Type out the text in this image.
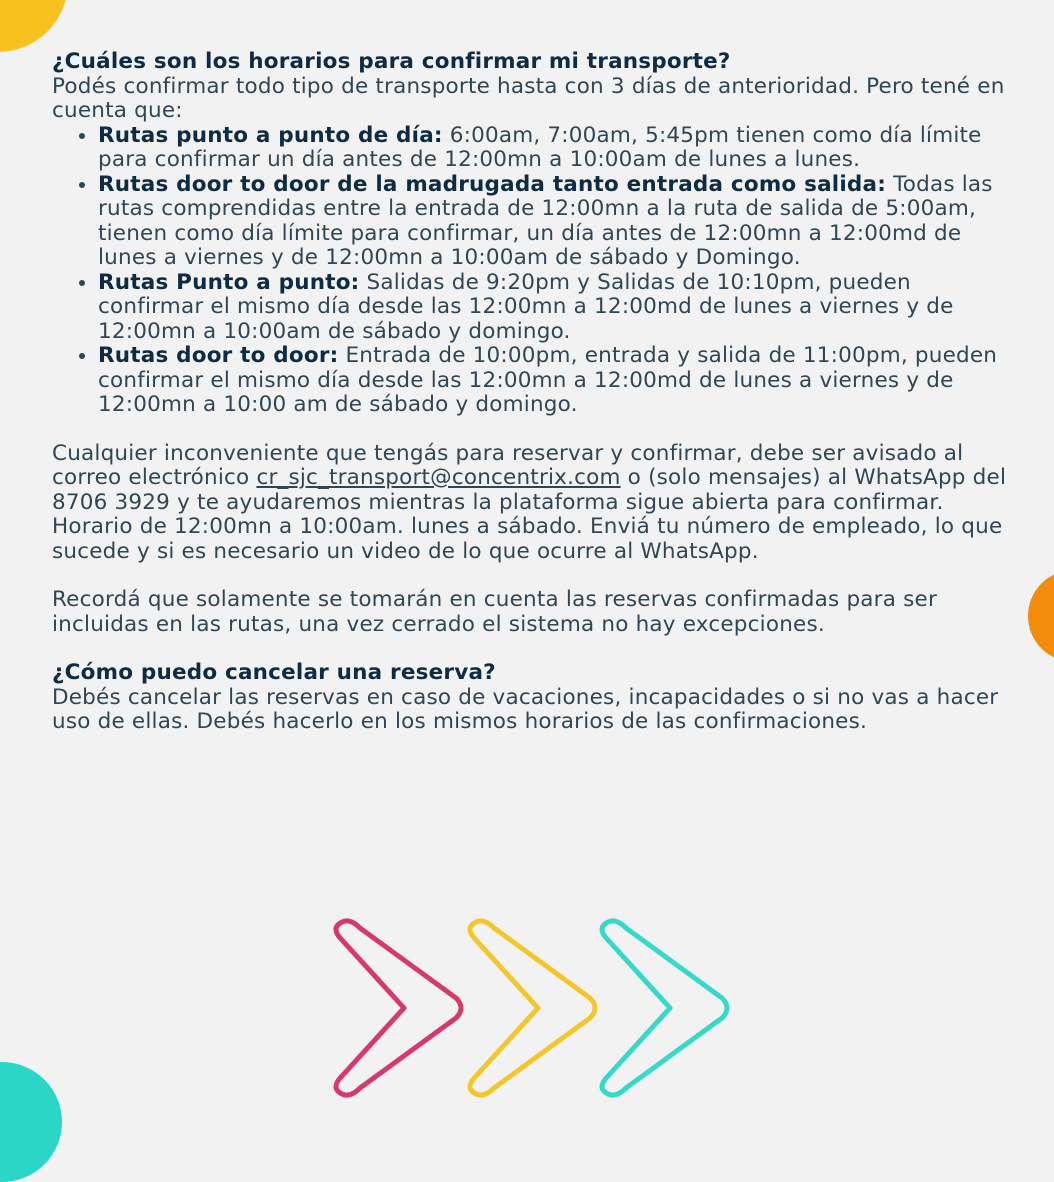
¿Cuáles son los horarios para confirmar mi transporte?

Podés confirmar todo tipo de transporte hasta con 3 días de anterioridad. Pero tené en cuenta que:

• Rutas punto a punto de día: 6:00am, 7:00am, 5:45pm tienen como día límite para confirmar un día antes de 12:00mn a 10:00am de lunes a lunes.
• Rutas door to door de la madrugada tanto entrada como salida: Todas las rutas comprendidas entre la entrada de 12:00mn a la ruta de salida de 5:00am, tienen como día límite para confirmar, un día antes de 12:00mn a 12:00md de lunes a viernes y de 12:00mn a 10:00am de sábado y Domingo.
• Rutas Punto a punto: Salidas de 9:20pm y Salidas de 10:10pm, pueden confirmar el mismo día desde las 12:00mn a 12:00md de lunes a viernes y de 12:00mn a 10:00am de sábado y domingo.
• Rutas door to door: Entrada de 10:00pm, entrada y salida de 11:00pm, pueden confirmar el mismo día desde las 12:00mn a 12:00md de lunes a viernes y de 12:00mn a 10:00 am de sábado y domingo.

Cualquier inconveniente que tengás para reservar y confirmar, debe ser avisado al correo electrónico cr_sjc_transport@concentrix.com o (solo mensajes) al WhatsApp del 8706 3929 y te ayudaremos mientras la plataforma sigue abierta para confirmar. Horario de 12:00mn a 10:00am. lunes a sábado. Enviá tu número de empleado, lo que sucede y si es necesario un video de lo que ocurre al WhatsApp.

Recordá que solamente se tomarán en cuenta las reservas confirmadas para ser incluidas en las rutas, una vez cerrado el sistema no hay excepciones.

¿Cómo puedo cancelar una reserva?

Debés cancelar las reservas en caso de vacaciones, incapacidades o si no vas a hacer uso de ellas. Debés hacerlo en los mismos horarios de las confirmaciones.
